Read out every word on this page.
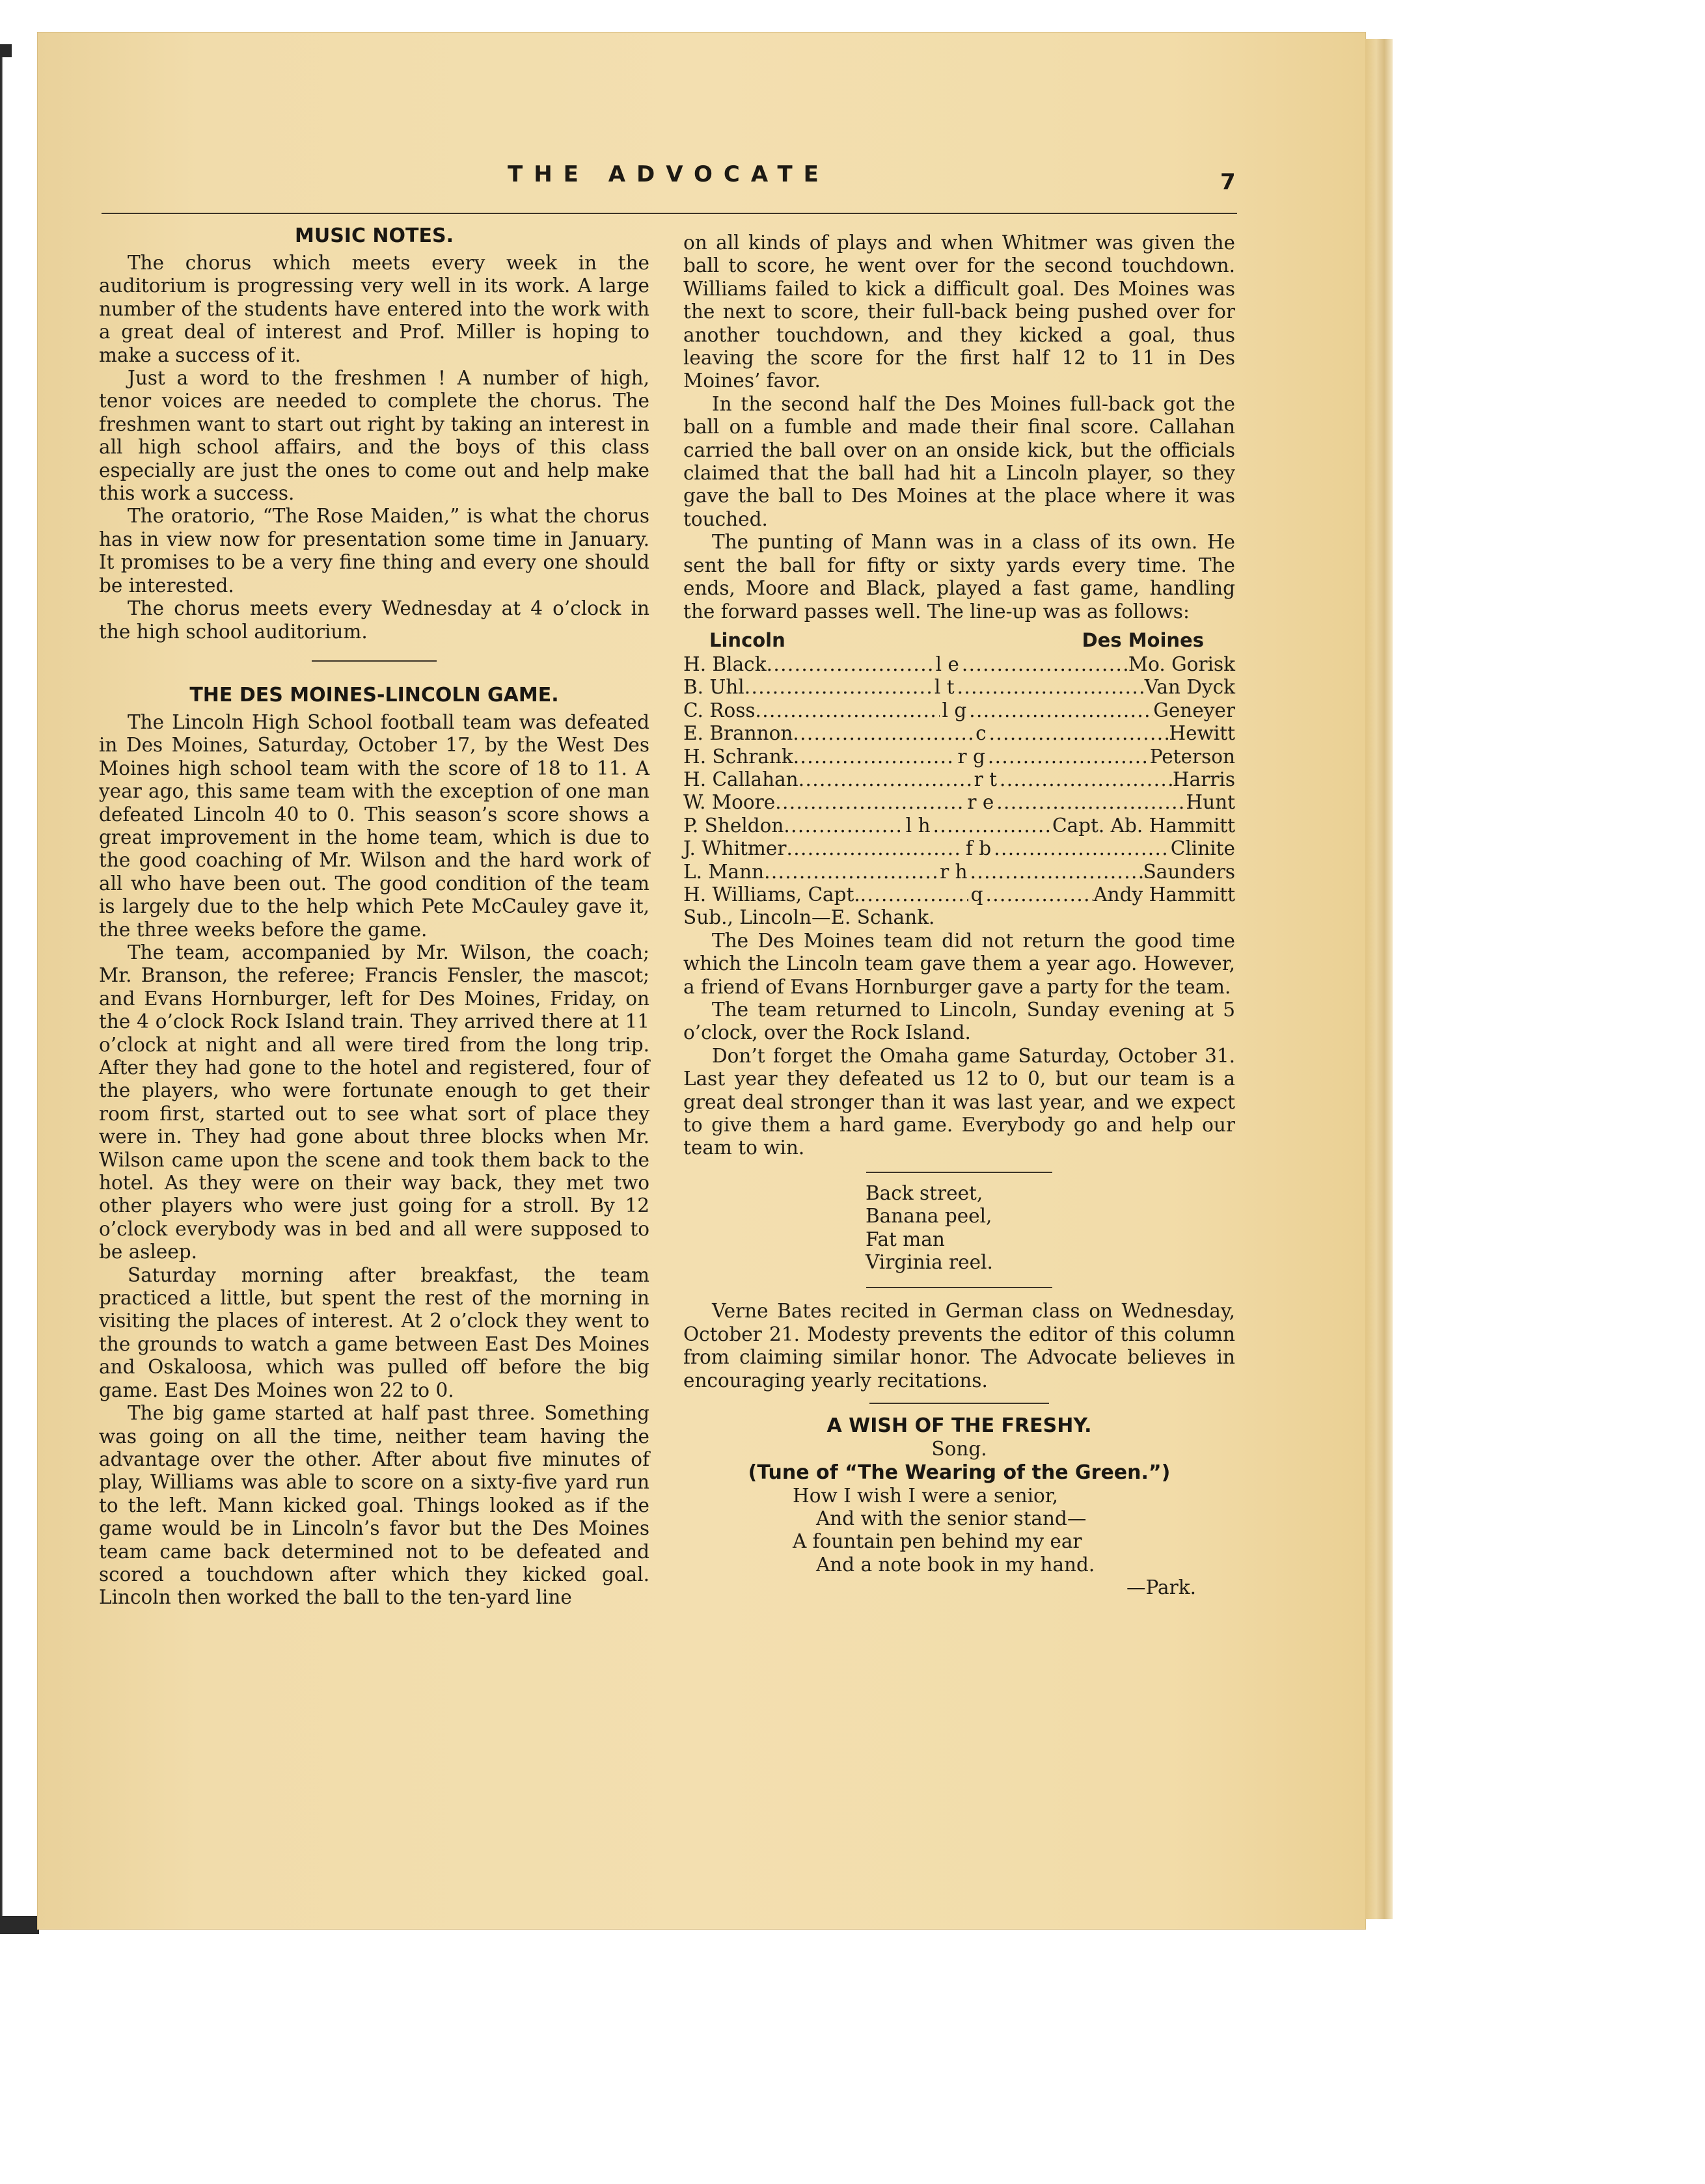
THE ADVOCATE	7
MUSIC NOTES.

The chorus which meets every week in the auditorium is progressing very well in its work. A large number of the students have entered into the work with a great deal of interest and Prof. Miller is hoping to make a success of it.

Just a word to the freshmen ! A number of high, tenor voices are needed to complete the chorus. The freshmen want to start out right by taking an interest in all high school affairs, and the boys of this class especially are just the ones to come out and help make this work a success.

The oratorio, “The Rose Maiden,” is what the chorus has in view now for presentation some time in January. It promises to be a very fine thing and every one should be interested.

The chorus meets every Wednesday at 4 o’clock in the high school auditorium.

THE DES MOINES-LINCOLN GAME.

The Lincoln High School football team was defeated in Des Moines, Saturday, October 17, by the West Des Moines high school team with the score of 18 to 11. A year ago, this same team with the exception of one man defeated Lincoln 40 to 0. This season’s score shows a great improvement in the home team, which is due to the good coaching of Mr. Wilson and the hard work of all who have been out. The good condition of the team is largely due to the help which Pete McCauley gave it, the three weeks before the game.

The team, accompanied by Mr. Wilson, the coach; Mr. Branson, the referee; Francis Fensler, the mascot; and Evans Hornburger, left for Des Moines, Friday, on the 4 o’clock Rock Island train. They arrived there at 11 o’clock at night and all were tired from the long trip. After they had gone to the hotel and registered, four of the players, who were fortunate enough to get their room first, started out to see what sort of place they were in. They had gone about three blocks when Mr. Wilson came upon the scene and took them back to the hotel. As they were on their way back, they met two other players who were just going for a stroll. By 12 o’clock everybody was in bed and all were supposed to be asleep.

Saturday morning after breakfast, the team practiced a little, but spent the rest of the morning in visiting the places of interest. At 2 o’clock they went to the grounds to watch a game between East Des Moines and Oskaloosa, which was pulled off before the big game. East Des Moines won 22 to 0.

The big game started at half past three. Something was going on all the time, neither team having the advantage over the other. After about five minutes of play, Williams was able to score on a sixty-five yard run to the left. Mann kicked goal. Things looked as if the game would be in Lincoln’s favor but the Des Moines team came back determined not to be defeated and scored a touchdown after which they kicked goal. Lincoln then worked the ball to the ten-yard line

on all kinds of plays and when Whitmer was given the ball to score, he went over for the second touchdown. Williams failed to kick a difficult goal. Des Moines was the next to score, their full-back being pushed over for another touchdown, and they kicked a goal, thus leaving the score for the first half 12 to 11 in Des Moines’ favor.

In the second half the Des Moines full-back got the ball on a fumble and made their final score. Callahan carried the ball over on an onside kick, but the officials claimed that the ball had hit a Lincoln player, so they gave the ball to Des Moines at the place where it was touched.

The punting of Mann was in a class of its own. He sent the ball for fifty or sixty yards every time. The ends, Moore and Black, played a fast game, handling the forward passes well. The line-up was as follows:

Lincoln	Des Moines
H. Black . . .	l e . . .	Mo. Gorisk
B. Uhl . . .	l t . . .	Van Dyck
C. Ross . . .	l g . . .	Geneyer
E. Brannon . . .	c . . .	Hewitt
H. Schrank . . .	r g . . .	Peterson
H. Callahan . . .	r t . . .	Harris
W. Moore . . .	r e . . .	Hunt
P. Sheldon . . .	l h . . .	Capt. Ab. Hammitt
J. Whitmer . . .	f b . . .	Clinite
L. Mann . . .	r h . . .	Saunders
H. Williams, Capt. . . .	q . . .	Andy Hammitt
Sub., Lincoln—E. Schank.

The Des Moines team did not return the good time which the Lincoln team gave them a year ago. However, a friend of Evans Hornburger gave a party for the team.

The team returned to Lincoln, Sunday evening at 5 o’clock, over the Rock Island.

Don’t forget the Omaha game Saturday, October 31. Last year they defeated us 12 to 0, but our team is a great deal stronger than it was last year, and we expect to give them a hard game. Everybody go and help our team to win.

Back street,
Banana peel,
Fat man
Virginia reel.

Verne Bates recited in German class on Wednesday, October 21. Modesty prevents the editor of this column from claiming similar honor. The Advocate believes in encouraging yearly recitations.

A WISH OF THE FRESHY.
Song.
(Tune of “The Wearing of the Green.”)
How I wish I were a senior,
And with the senior stand—
A fountain pen behind my ear
And a note book in my hand.
—Park.
